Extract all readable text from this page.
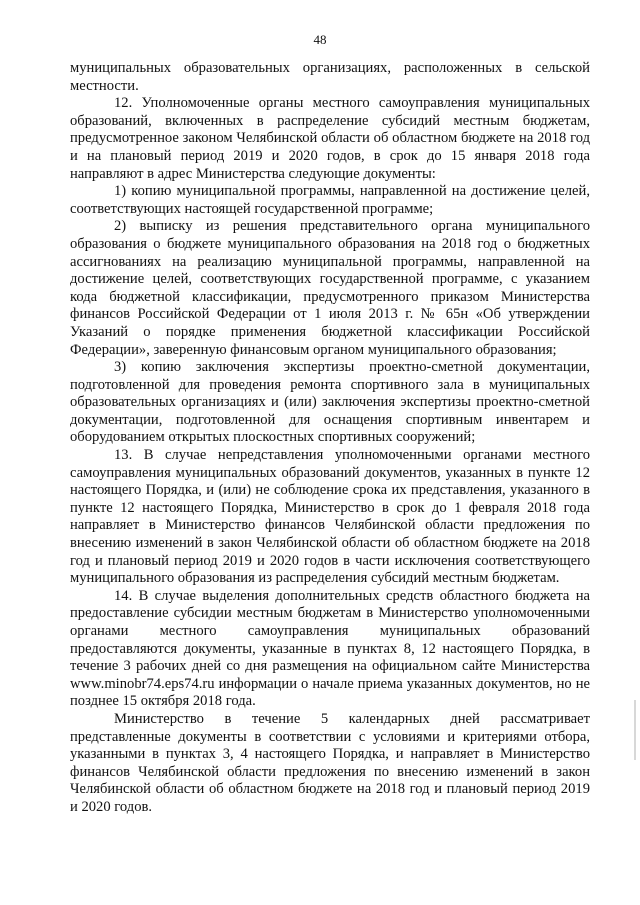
48

муниципальных образовательных организациях, расположенных в сельской местности.

12. Уполномоченные органы местного самоуправления муниципальных образований, включенных в распределение субсидий местным бюджетам, предусмотренное законом Челябинской области об областном бюджете на 2018 год и на плановый период 2019 и 2020 годов, в срок до 15 января 2018 года направляют в адрес Министерства следующие документы:

1) копию муниципальной программы, направленной на достижение целей, соответствующих настоящей государственной программе;

2) выписку из решения представительного органа муниципального образования о бюджете муниципального образования на 2018 год о бюджетных ассигнованиях на реализацию муниципальной программы, направленной на достижение целей, соответствующих государственной программе, с указанием кода бюджетной классификации, предусмотренного приказом Министерства финансов Российской Федерации от 1 июля 2013 г. № 65н «Об утверждении Указаний о порядке применения бюджетной классификации Российской Федерации», заверенную финансовым органом муниципального образования;

3) копию заключения экспертизы проектно-сметной документации, подготовленной для проведения ремонта спортивного зала в муниципальных образовательных организациях и (или) заключения экспертизы проектно-сметной документации, подготовленной для оснащения спортивным инвентарем и оборудованием открытых плоскостных спортивных сооружений;

13. В случае непредставления уполномоченными органами местного самоуправления муниципальных образований документов, указанных в пункте 12 настоящего Порядка, и (или) не соблюдение срока их представления, указанного в пункте 12 настоящего Порядка, Министерство в срок до 1 февраля 2018 года направляет в Министерство финансов Челябинской области предложения по внесению изменений в закон Челябинской области об областном бюджете на 2018 год и плановый период 2019 и 2020 годов в части исключения соответствующего муниципального образования из распределения субсидий местным бюджетам.

14. В случае выделения дополнительных средств областного бюджета на предоставление субсидии местным бюджетам в Министерство уполномоченными органами местного самоуправления муниципальных образований предоставляются документы, указанные в пунктах 8, 12 настоящего Порядка, в течение 3 рабочих дней со дня размещения на официальном сайте Министерства www.minobr74.eps74.ru информации о начале приема указанных документов, но не позднее 15 октября 2018 года.

Министерство в течение 5 календарных дней рассматривает представленные документы в соответствии с условиями и критериями отбора, указанными в пунктах 3, 4 настоящего Порядка, и направляет в Министерство финансов Челябинской области предложения по внесению изменений в закон Челябинской области об областном бюджете на 2018 год и плановый период 2019 и 2020 годов.
